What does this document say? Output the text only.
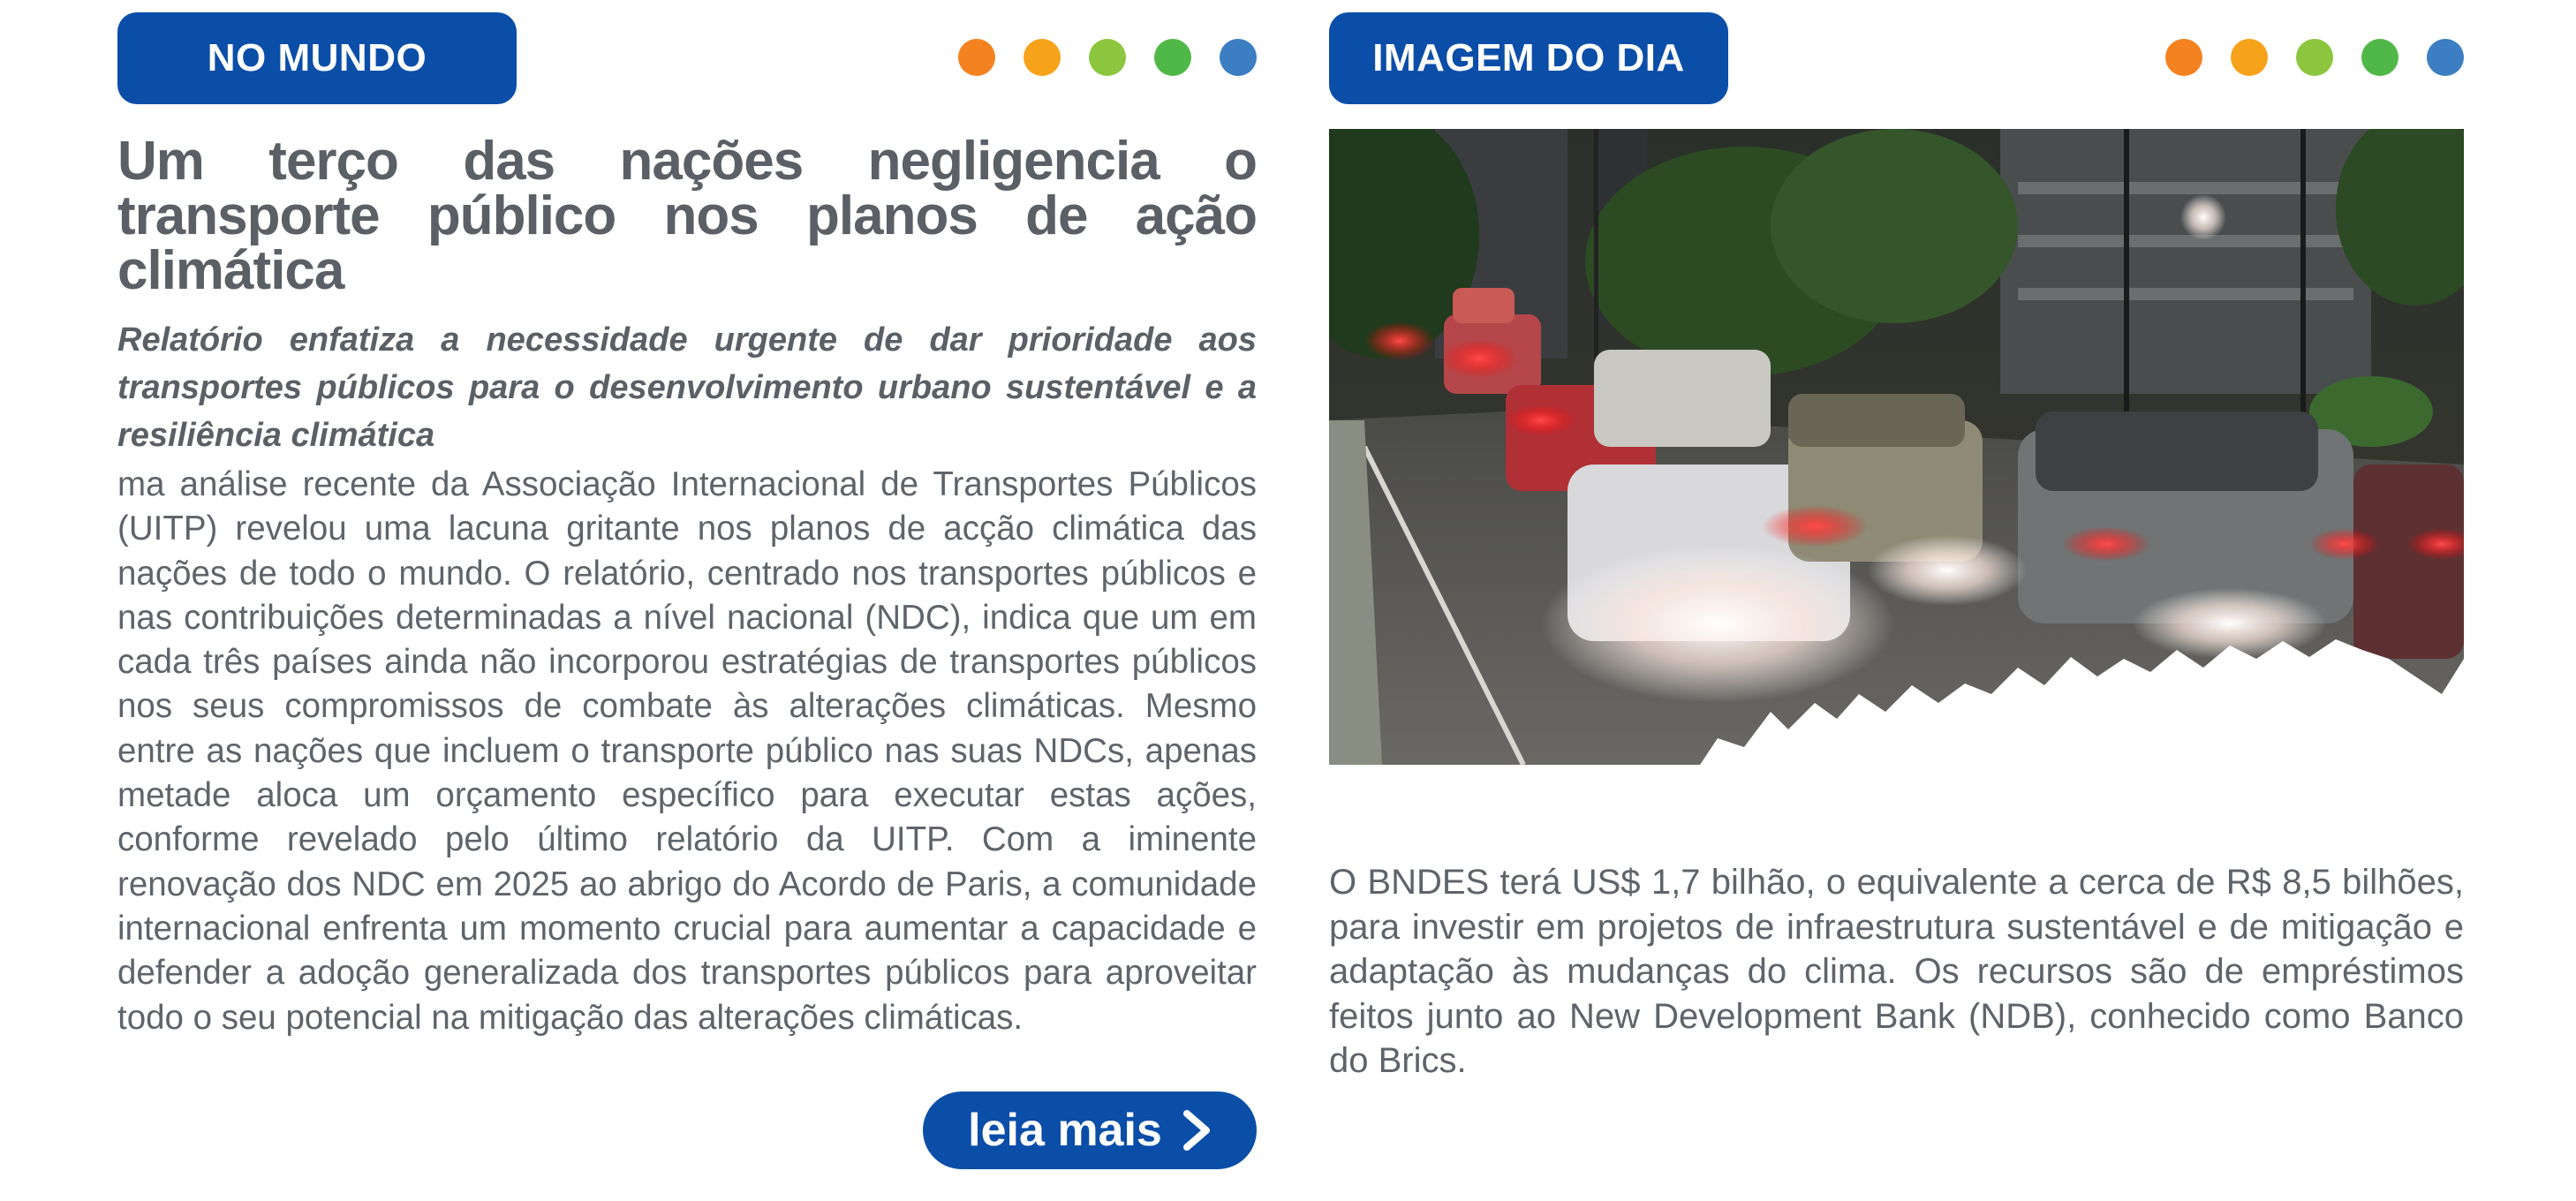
NO MUNDO
Um terço das nações negligencia o transporte público nos planos de ação climática

Relatório enfatiza a necessidade urgente de dar prioridade aos transportes públicos para o desenvolvimento urbano sustentável e a resiliência climática

ma análise recente da Associação Internacional de Transportes Públicos (UITP) revelou uma lacuna gritante nos planos de acção climática das nações de todo o mundo. O relatório, centrado nos transportes públicos e nas contribuições determinadas a nível nacional (NDC), indica que um em cada três países ainda não incorporou estratégias de transportes públicos nos seus compromissos de combate às alterações climáticas. Mesmo entre as nações que incluem o transporte público nas suas NDCs, apenas metade aloca um orçamento específico para executar estas ações, conforme revelado pelo último relatório da UITP. Com a iminente renovação dos NDC em 2025 ao abrigo do Acordo de Paris, a comunidade internacional enfrenta um momento crucial para aumentar a capacidade e defender a adoção generalizada dos transportes públicos para aproveitar todo o seu potencial na mitigação das alterações climáticas.

leia mais
IMAGEM DO DIA

O BNDES terá US$ 1,7 bilhão, o equivalente a cerca de R$ 8,5 bilhões, para investir em projetos de infraestrutura sustentável e de mitigação e adaptação às mudanças do clima. Os recursos são de empréstimos feitos junto ao New Development Bank (NDB), conhecido como Banco do Brics.
